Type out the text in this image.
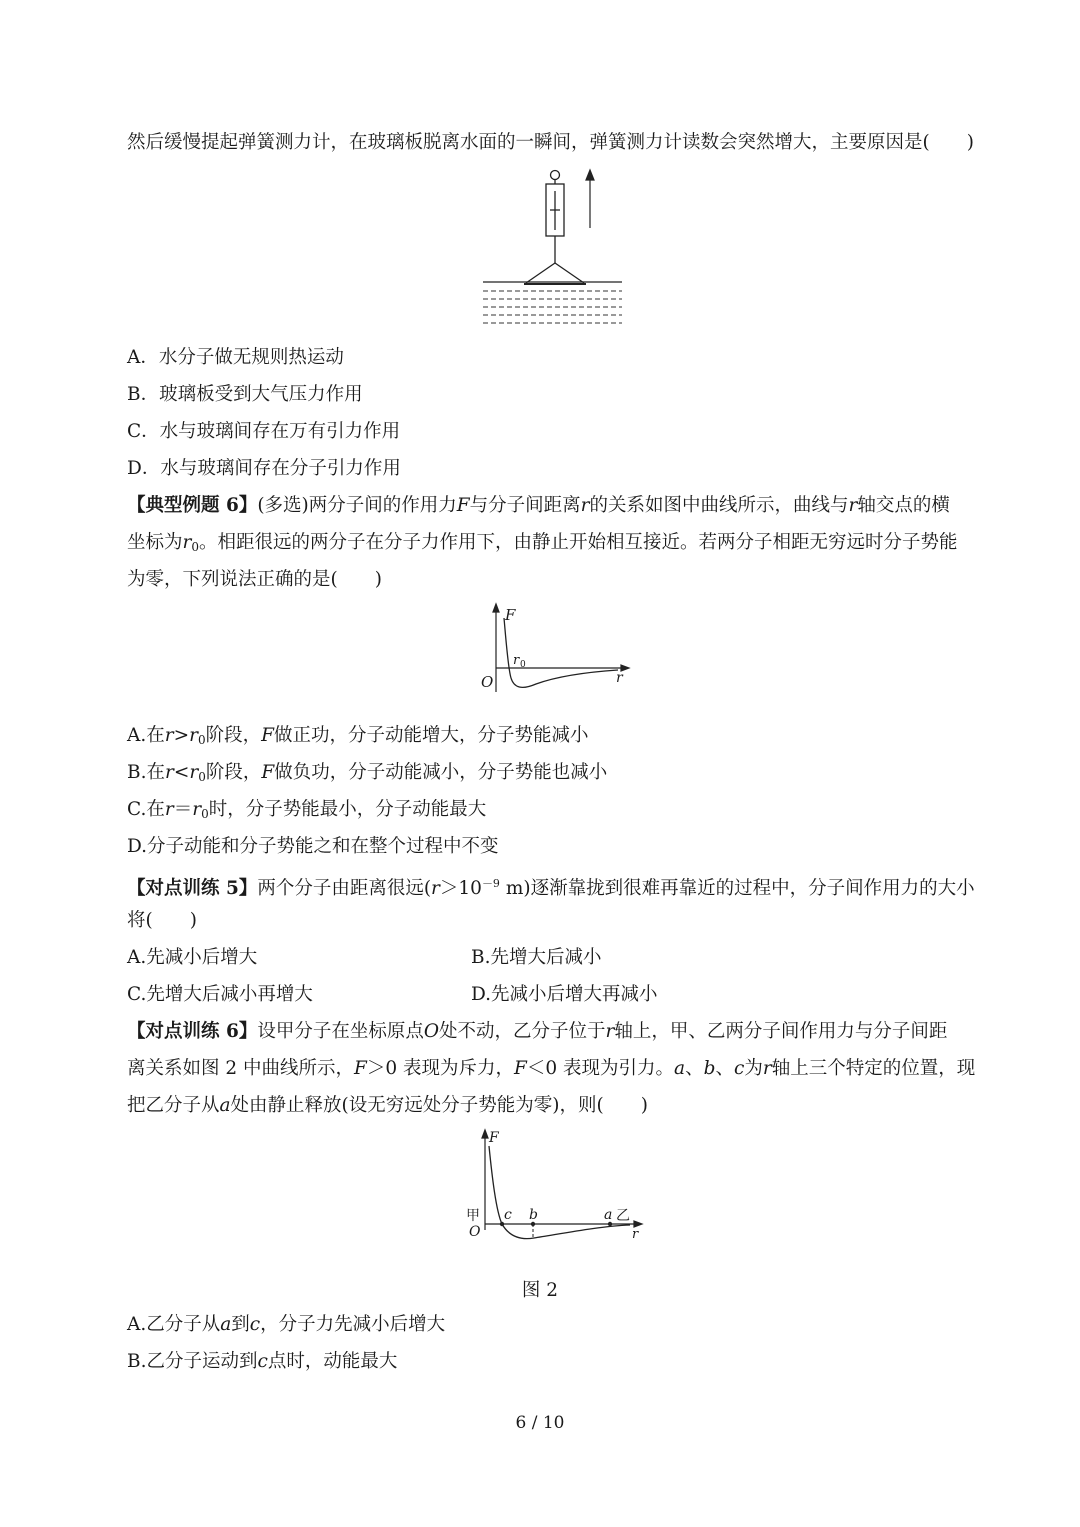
然后缓慢提起弹簧测力计，在玻璃板脱离水面的一瞬间，弹簧测力计读数会突然增大，主要原因是(　　)
A．水分子做无规则热运动
B．玻璃板受到大气压力作用
C．水与玻璃间存在万有引力作用
D．水与玻璃间存在分子引力作用
【典型例题 6】(多选)两分子间的作用力F与分子间距离r的关系如图中曲线所示，曲线与r轴交点的横
坐标为$r_0$。相距很远的两分子在分子力作用下，由静止开始相互接近。若两分子相距无穷远时分子势能
为零，下列说法正确的是(　　)
F
O	r
r 0
A.在$r>r_0$阶段，F做正功，分子动能增大，分子势能减小
B.在$r<r_0$阶段，F做负功，分子动能减小，分子势能也减小
C.在$r=r_0$时，分子势能最小，分子动能最大
D.分子动能和分子势能之和在整个过程中不变
【对点训练 5】两个分子由距离很远($r>10^{-9}$ m)逐渐靠拢到很难再靠近的过程中，分子间作用力的大小
将(　　)
A.先减小后增大	B.先增大后减小
C.先增大后减小再增大	D.先减小后增大再减小
【对点训练 6】设甲分子在坐标原点O处不动，乙分子位于r轴上，甲、乙两分子间作用力与分子间距
离关系如图 2 中曲线所示，F＞0 表现为斥力，F＜0 表现为引力。a、b、c为r轴上三个特定的位置，现
把乙分子从a处由静止释放(设无穷远处分子势能为零)，则(　　)
F
甲
O
c b	a 乙
r
图 2
A.乙分子从a到c，分子力先减小后增大
B.乙分子运动到c点时，动能最大
6 / 10
